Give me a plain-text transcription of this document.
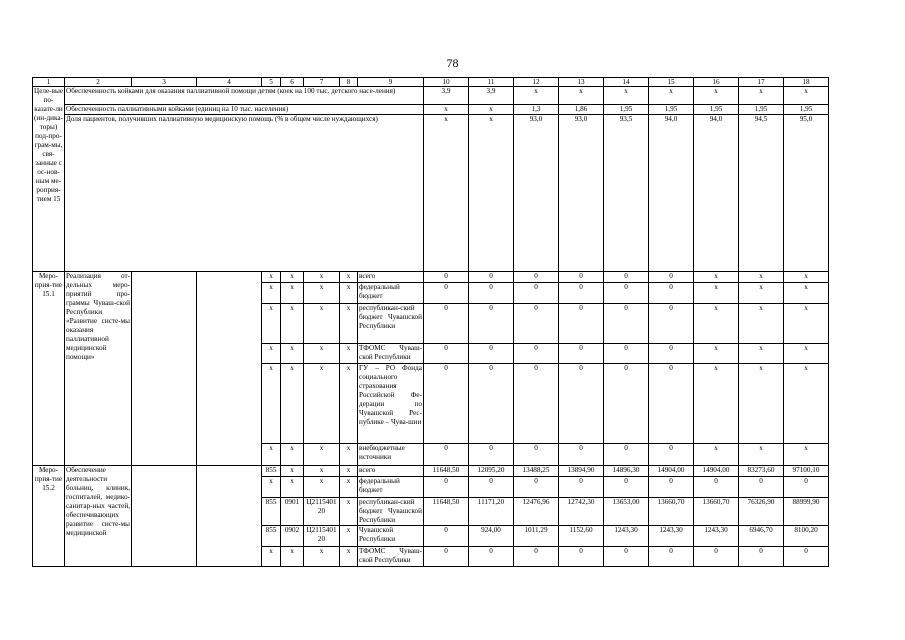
78
1	2	3	4	5	6	7	8	9	10	11	12	13	14	15	16	17	18
Целе-вые по-казате-ли (ин-дика-торы) под-про-грам-мы, свя-занные с ос-нов-ным ме-роприя-тием 15	Обеспеченность койками для оказания паллиативной помощи детям (коек на 100 тыс. детского насе-ления)								3,9	3,9	x	x	x	x	x	x	x
	Обеспеченность паллиативными койками (единиц на 10 тыс. населения)								x	x	1,3	1,86	1,95	1,95	1,95	1,95	1,95
	Доля пациентов, получивших паллиативную медицинскую помощь (% в общем числе нуждающихся)								x	x	93,0	93,0	93,5	94,0	94,0	94,5	95,0
Меро-прия-тие 15.1	Реализация от-дельных меро-приятий про-граммы Чуваш-ской Республики «Развитие систе-мы оказания паллиативной медицинской помощи»			x	x	x	x	всего	0	0	0	0	0	0	x	x	x
				x	x	x	x	федеральный бюджет	0	0	0	0	0	0	x	x	x
				x	x	x	x	республикан-ский бюджет Чувашской Республики	0	0	0	0	0	0	x	x	x
				x	x	x	x	ТФОМС Чуваш-ской Республики	0	0	0	0	0	0	x	x	x
				x	x	x	x	ГУ – РО Фонда социального страхования Российской Фе-дерации по Чувашской Рес-публике – Чува-шии	0	0	0	0	0	0	x	x	x
				x	x	x	x	внебюджетные источники	0	0	0	0	0	0	x	x	x
Меро-прия-тие 15.2	Обеспечение деятельности больниц, клиник, госпиталей, медико-санитар-ных частей, обеспечивающих развитие систе-мы медицинской			855	x	x	x	всего	11648,50	12095,20	13488,25	13894,90	14896,30	14904,00	14904,00	83273,60	97100,10
				x	x	x	x	федеральный бюджет	0	0	0	0	0	0	0	0	0
				855	0901	Ц2115401 20	x	республикан-ский бюджет Чувашской Республики	11648,50	11171,20	12476,96	12742,30	13653,00	13660,70	13660,70	76326,90	88999,90
				855	0902	Ц2115401 20	x	Чувашской Республики	0	924,00	1011,29	1152,60	1243,30	1243,30	1243,30	6946,70	8100,20
				x	x	x	x	ТФОМС Чуваш-ской Республики	0	0	0	0	0	0	0	0	0
